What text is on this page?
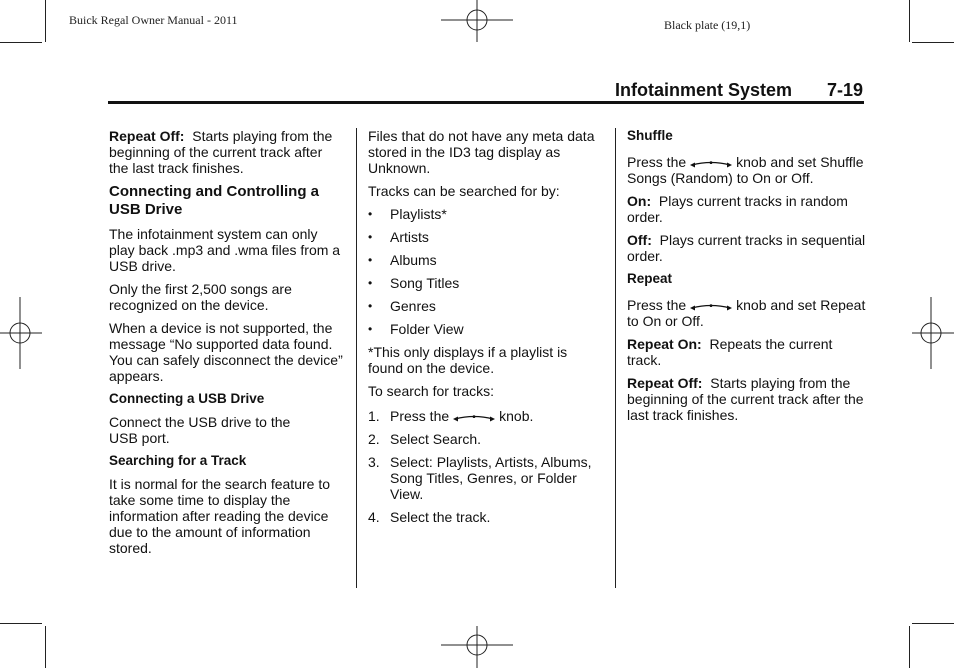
Buick Regal Owner Manual - 2011	Black plate (19,1)
Infotainment System 7-19

Repeat Off: Starts playing from the beginning of the current track after the last track finishes.

Connecting and Controlling a USB Drive

The infotainment system can only play back .mp3 and .wma files from a USB drive.

Only the first 2,500 songs are recognized on the device.

When a device is not supported, the message “No supported data found. You can safely disconnect the device” appears.

Connecting a USB Drive

Connect the USB drive to the USB port.

Searching for a Track

It is normal for the search feature to take some time to display the information after reading the device due to the amount of information stored.

Files that do not have any meta data stored in the ID3 tag display as Unknown.

Tracks can be searched for by:

• Playlists*
• Artists
• Albums
• Song Titles
• Genres
• Folder View

*This only displays if a playlist is found on the device.

To search for tracks:

1. Press the	knob.
2. Select Search.
3. Select: Playlists, Artists, Albums, Song Titles, Genres, or Folder View.
4. Select the track.
Shuffle

Press the	knob and set Shuffle Songs (Random) to On or Off.

On: Plays current tracks in random order.

Off: Plays current tracks in sequential order.

Repeat

Press the	knob and set Repeat to On or Off.

Repeat On: Repeats the current track.

Repeat Off: Starts playing from the beginning of the current track after the last track finishes.
